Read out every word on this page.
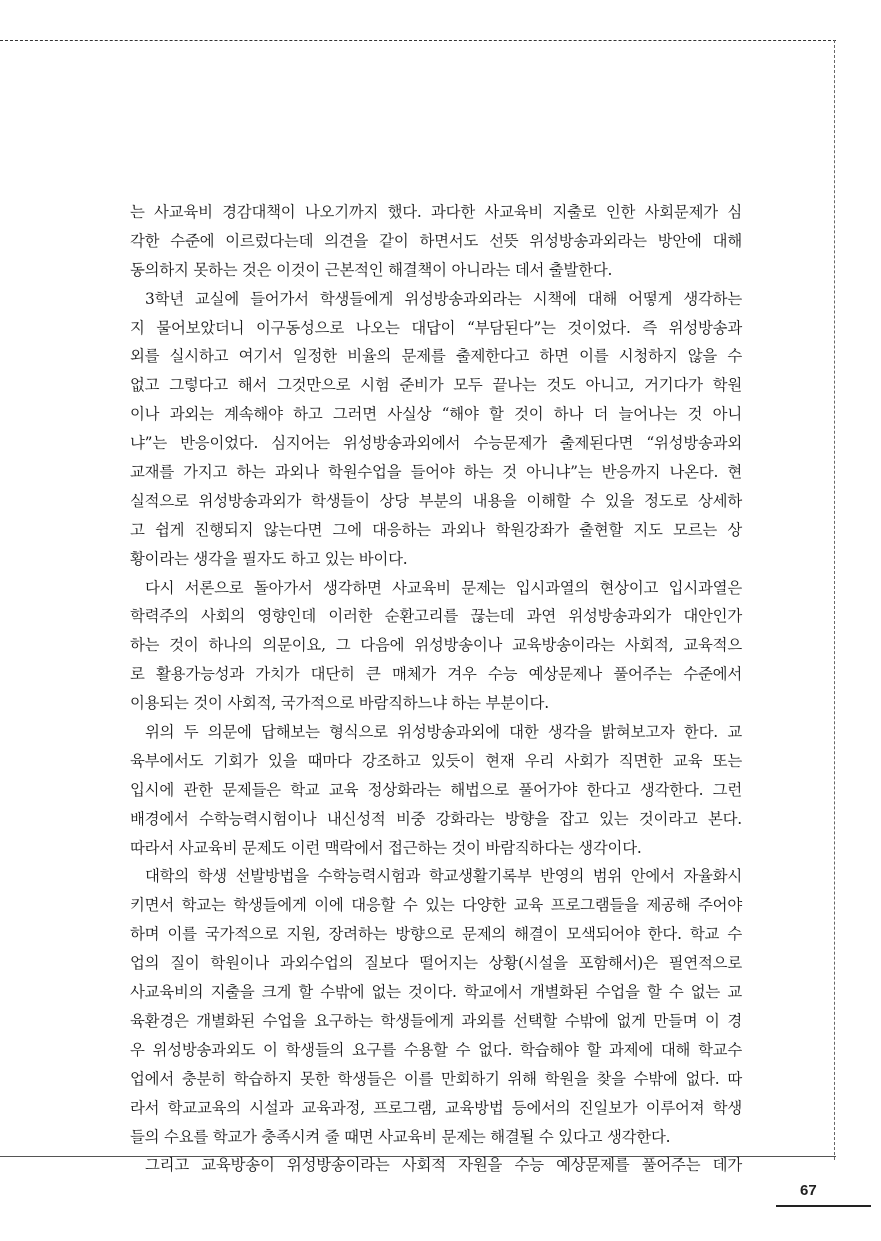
는 사교육비 경감대책이 나오기까지 했다. 과다한 사교육비 지출로 인한 사회문제가 심
각한 수준에 이르렀다는데 의견을 같이 하면서도 선뜻 위성방송과외라는 방안에 대해
동의하지 못하는 것은 이것이 근본적인 해결책이 아니라는 데서 출발한다.
3학년 교실에 들어가서 학생들에게 위성방송과외라는 시책에 대해 어떻게 생각하는
지 물어보았더니 이구동성으로 나오는 대답이 “부담된다”는 것이었다. 즉 위성방송과
외를 실시하고 여기서 일정한 비율의 문제를 출제한다고 하면 이를 시청하지 않을 수
없고 그렇다고 해서 그것만으로 시험 준비가 모두 끝나는 것도 아니고, 거기다가 학원
이나 과외는 계속해야 하고 그러면 사실상 “해야 할 것이 하나 더 늘어나는 것 아니
냐”는 반응이었다. 심지어는 위성방송과외에서 수능문제가 출제된다면 “위성방송과외
교재를 가지고 하는 과외나 학원수업을 들어야 하는 것 아니냐”는 반응까지 나온다. 현
실적으로 위성방송과외가 학생들이 상당 부분의 내용을 이해할 수 있을 정도로 상세하
고 쉽게 진행되지 않는다면 그에 대응하는 과외나 학원강좌가 출현할 지도 모르는 상
황이라는 생각을 필자도 하고 있는 바이다.
다시 서론으로 돌아가서 생각하면 사교육비 문제는 입시과열의 현상이고 입시과열은
학력주의 사회의 영향인데 이러한 순환고리를 끊는데 과연 위성방송과외가 대안인가
하는 것이 하나의 의문이요, 그 다음에 위성방송이나 교육방송이라는 사회적, 교육적으
로 활용가능성과 가치가 대단히 큰 매체가 겨우 수능 예상문제나 풀어주는 수준에서
이용되는 것이 사회적, 국가적으로 바람직하느냐 하는 부분이다.
위의 두 의문에 답해보는 형식으로 위성방송과외에 대한 생각을 밝혀보고자 한다. 교
육부에서도 기회가 있을 때마다 강조하고 있듯이 현재 우리 사회가 직면한 교육 또는
입시에 관한 문제들은 학교 교육 정상화라는 해법으로 풀어가야 한다고 생각한다. 그런
배경에서 수학능력시험이나 내신성적 비중 강화라는 방향을 잡고 있는 것이라고 본다.
따라서 사교육비 문제도 이런 맥락에서 접근하는 것이 바람직하다는 생각이다.
대학의 학생 선발방법을 수학능력시험과 학교생활기록부 반영의 범위 안에서 자율화시
키면서 학교는 학생들에게 이에 대응할 수 있는 다양한 교육 프로그램들을 제공해 주어야
하며 이를 국가적으로 지원, 장려하는 방향으로 문제의 해결이 모색되어야 한다. 학교 수
업의 질이 학원이나 과외수업의 질보다 떨어지는 상황(시설을 포함해서)은 필연적으로
사교육비의 지출을 크게 할 수밖에 없는 것이다. 학교에서 개별화된 수업을 할 수 없는 교
육환경은 개별화된 수업을 요구하는 학생들에게 과외를 선택할 수밖에 없게 만들며 이 경
우 위성방송과외도 이 학생들의 요구를 수용할 수 없다. 학습해야 할 과제에 대해 학교수
업에서 충분히 학습하지 못한 학생들은 이를 만회하기 위해 학원을 찾을 수밖에 없다. 따
라서 학교교육의 시설과 교육과정, 프로그램, 교육방법 등에서의 진일보가 이루어져 학생
들의 수요를 학교가 충족시켜 줄 때면 사교육비 문제는 해결될 수 있다고 생각한다.
그리고 교육방송이 위성방송이라는 사회적 자원을 수능 예상문제를 풀어주는 데가
67
